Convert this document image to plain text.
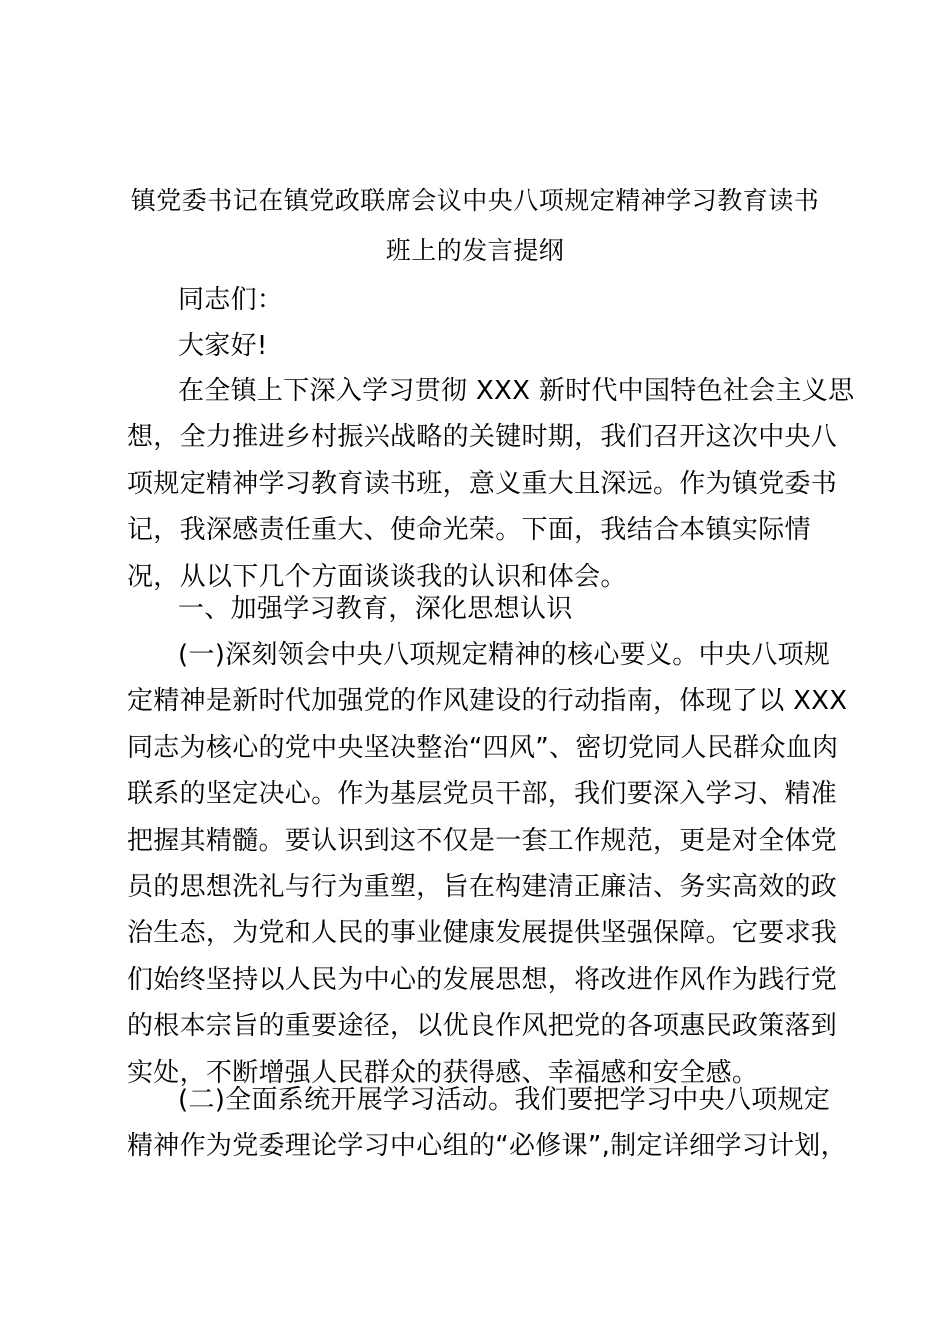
镇党委书记在镇党政联席会议中央八项规定精神学习教育读书
班上的发言提纲
同志们：
大家好!
在全镇上下深入学习贯彻 XXX 新时代中国特色社会主义思
想，全力推进乡村振兴战略的关键时期，我们召开这次中央八
项规定精神学习教育读书班，意义重大且深远。作为镇党委书
记，我深感责任重大、使命光荣。下面，我结合本镇实际情
况，从以下几个方面谈谈我的认识和体会。
一、加强学习教育，深化思想认识
(一)深刻领会中央八项规定精神的核心要义。中央八项规
定精神是新时代加强党的作风建设的行动指南，体现了以 XXX
同志为核心的党中央坚决整治“四风”、密切党同人民群众血肉
联系的坚定决心。作为基层党员干部，我们要深入学习、精准
把握其精髓。要认识到这不仅是一套工作规范，更是对全体党
员的思想洗礼与行为重塑，旨在构建清正廉洁、务实高效的政
治生态，为党和人民的事业健康发展提供坚强保障。它要求我
们始终坚持以人民为中心的发展思想，将改进作风作为践行党
的根本宗旨的重要途径，以优良作风把党的各项惠民政策落到
实处，不断增强人民群众的获得感、幸福感和安全感。
(二)全面系统开展学习活动。我们要把学习中央八项规定
精神作为党委理论学习中心组的“必修课”,制定详细学习计划，
